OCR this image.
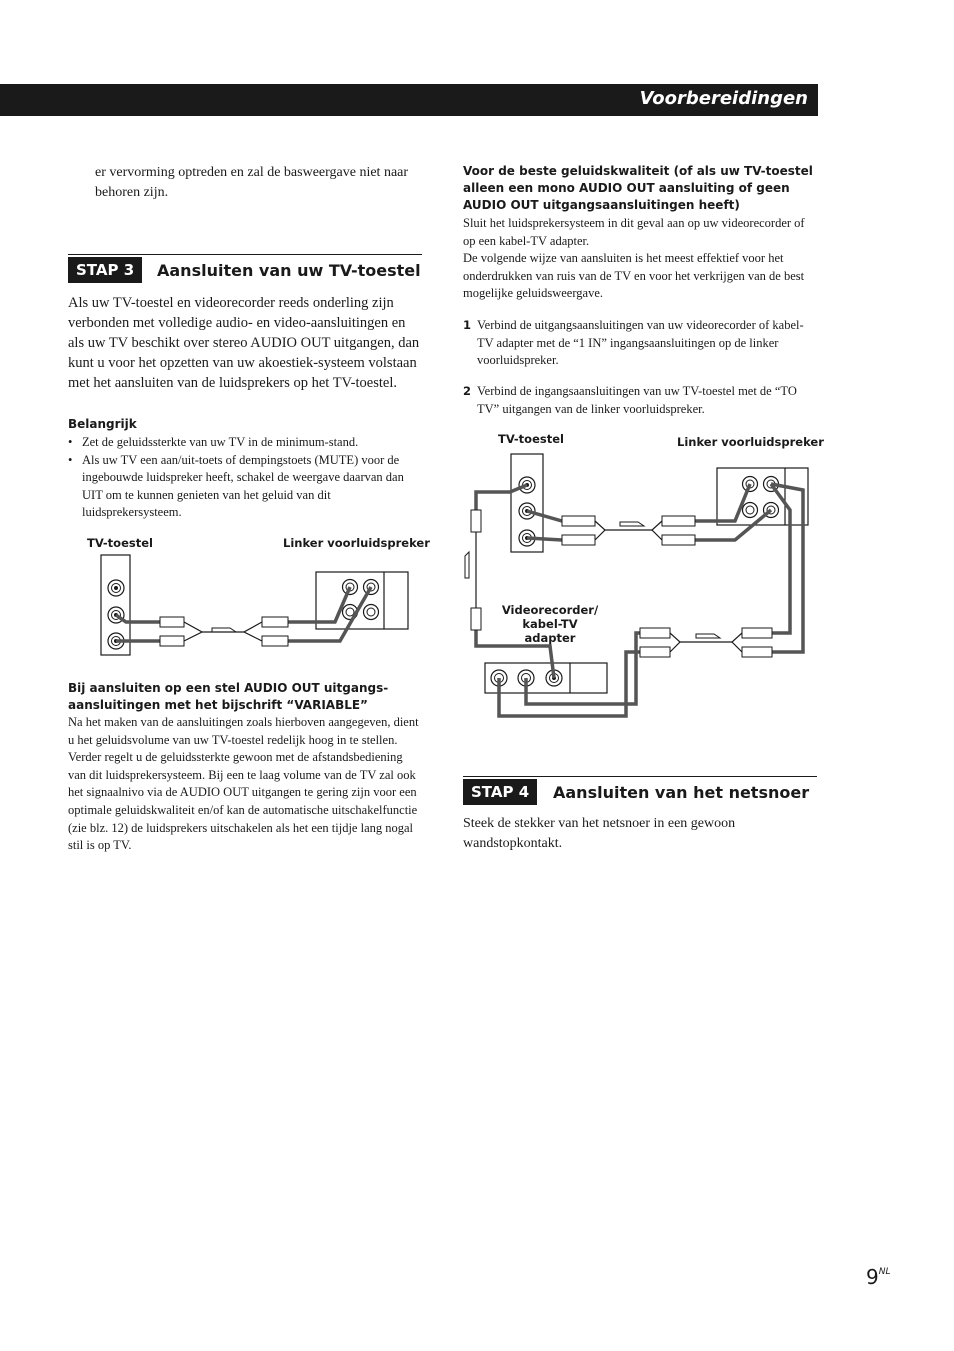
Voorbereidingen
er vervorming optreden en zal de basweergave niet naar behoren zijn.
STAP 3	Aansluiten van uw TV-toestel
Als uw TV-toestel en videorecorder reeds onderling zijn verbonden met volledige audio- en video-aansluitingen en als uw TV beschikt over stereo AUDIO OUT uitgangen, dan kunt u voor het opzetten van uw akoestiek-systeem volstaan met het aansluiten van de luidsprekers op het TV-toestel.
Belangrijk
• Zet de geluidssterkte van uw TV in de minimum-stand.
• Als uw TV een aan/uit-toets of dempingstoets (MUTE) voor de ingebouwde luidspreker heeft, schakel de weergave daarvan dan UIT om te kunnen genieten van het geluid van dit luidsprekersysteem.
TV-toestel	Linker voorluidspreker
Bij aansluiten op een stel AUDIO OUT uitgangs-aansluitingen met het bijschrift “VARIABLE”
Na het maken van de aansluitingen zoals hierboven aangegeven, dient u het geluidsvolume van uw TV-toestel redelijk hoog in te stellen. Verder regelt u de geluidssterkte gewoon met de afstandsbediening van dit luidsprekersysteem. Bij een te laag volume van de TV zal ook het signaalnivo via de AUDIO OUT uitgangen te gering zijn voor een optimale geluidskwaliteit en/of kan de automatische uitschakelfunctie (zie blz. 12) de luidsprekers uitschakelen als het een tijdje lang nogal stil is op TV.
Voor de beste geluidskwaliteit (of als uw TV-toestel alleen een mono AUDIO OUT aansluiting of geen AUDIO OUT uitgangsaansluitingen heeft)
Sluit het luidsprekersysteem in dit geval aan op uw videorecorder of op een kabel-TV adapter.
De volgende wijze van aansluiten is het meest effektief voor het onderdrukken van ruis van de TV en voor het verkrijgen van de best mogelijke geluidsweergave.
1 Verbind de uitgangsaansluitingen van uw videorecorder of kabel-TV adapter met de “1 IN” ingangsaansluitingen op de linker voorluidspreker.
2 Verbind de ingangsaansluitingen van uw TV-toestel met de “TO TV” uitgangen van de linker voorluidspreker.
TV-toestel	Linker voorluidspreker
Videorecorder/
kabel-TV adapter
STAP 4	Aansluiten van het netsnoer
Steek de stekker van het netsnoer in een gewoon wandstopkontakt.
$9^{NL}$
